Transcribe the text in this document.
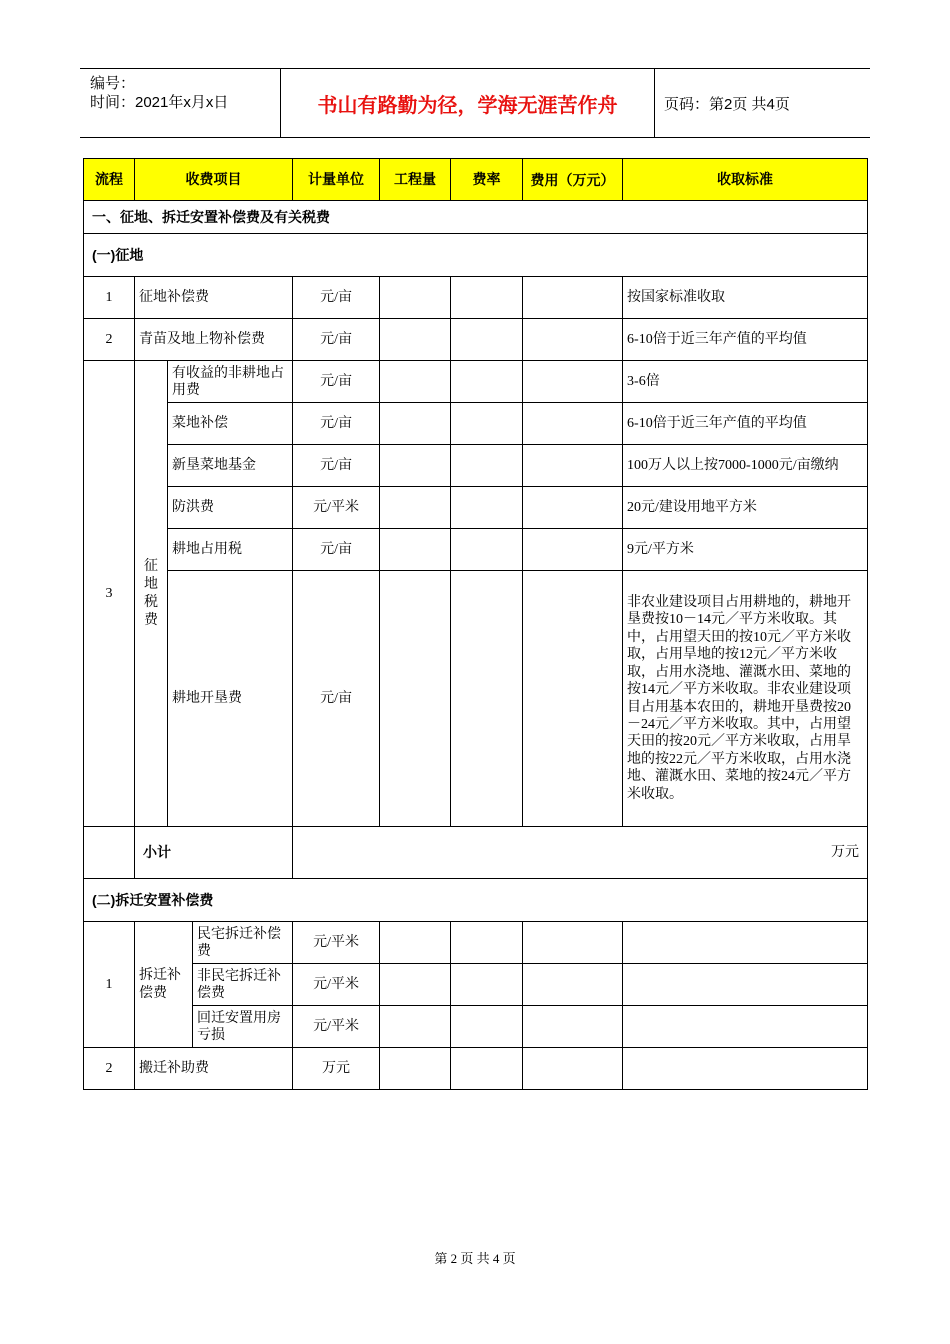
编号：
时间：2021年x月x日	书山有路勤为径，学海无涯苦作舟	页码：第2页 共4页
流程	收费项目			计量单位	工程量	费率	费用（万元）	收取标准
一、征地、拆迁安置补偿费及有关税费								
(一)征地								
1	征地补偿费			元/亩				按国家标准收取
2	青苗及地上物补偿费			元/亩				6-10倍于近三年产值的平均值
3	征地税费	有收益的非耕地占用费		元/亩				3-6倍
		菜地补偿		元/亩				6-10倍于近三年产值的平均值
		新垦菜地基金		元/亩				100万人以上按7000-1000元/亩缴纳
		防洪费		元/平米				20元/建设用地平方米
		耕地占用税		元/亩				9元/平方米
		耕地开垦费		元/亩				非农业建设项目占用耕地的，耕地开垦费按10－14元／平方米收取。其中，占用望天田的按10元／平方米收取，占用旱地的按12元／平方米收取，占用水浇地、灌溉水田、菜地的按14元／平方米收取。非农业建设项目占用基本农田的，耕地开垦费按20－24元／平方米收取。其中，占用望天田的按20元／平方米收取，占用旱地的按22元／平方米收取，占用水浇地、灌溉水田、菜地的按24元／平方米收取。
	小计			万元				
(二)拆迁安置补偿费								
1	拆迁补偿费		民宅拆迁补偿费	元/平米				
			非民宅拆迁补偿费	元/平米				
			回迁安置用房亏损	元/平米				
2	搬迁补助费			万元				
第 2 页 共 4 页
